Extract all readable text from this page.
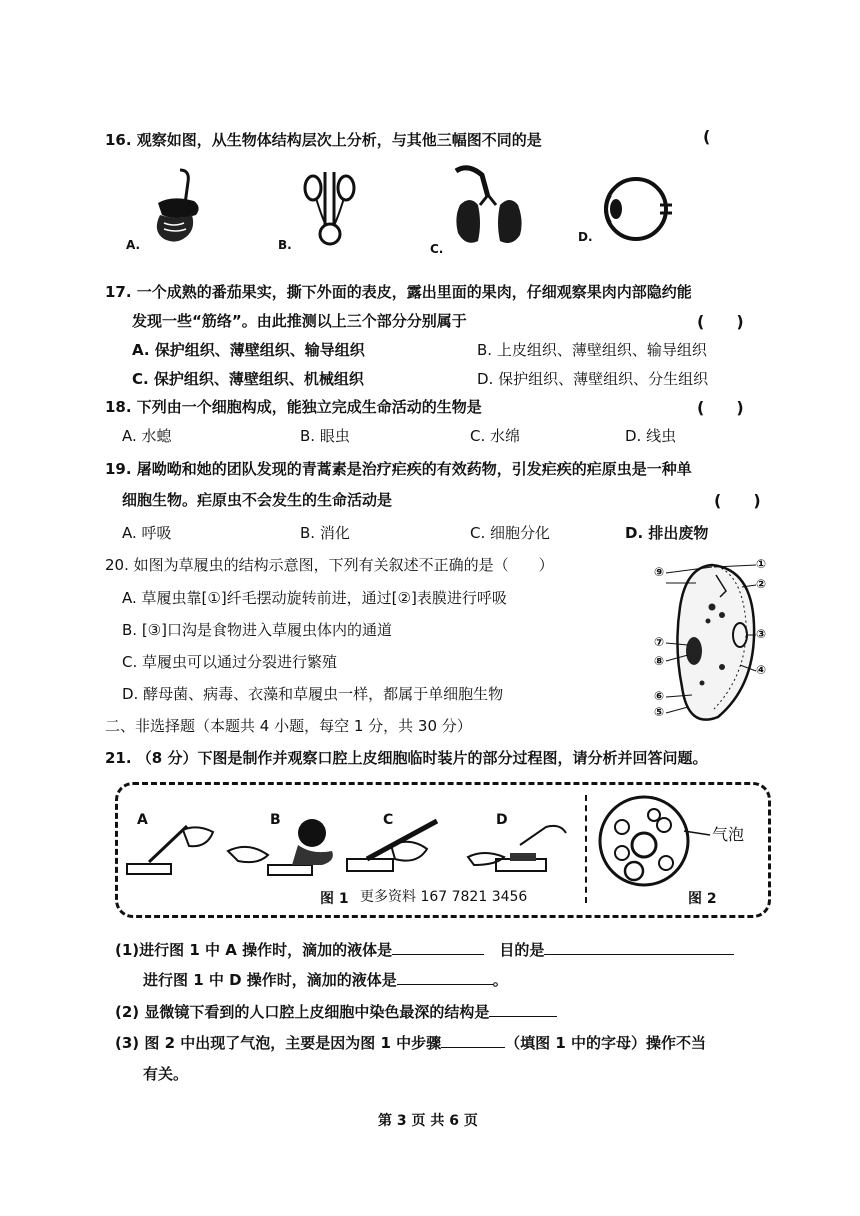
16. 观察如图，从生物体结构层次上分析，与其他三幅图不同的是	(
A.	B.	C.
D.
17. 一个成熟的番茄果实，撕下外面的表皮，露出里面的果肉，仔细观察果肉内部隐约能
发现一些“筋络”。由此推测以上三个部分分别属于	(　　)
A. 保护组织、薄壁组织、输导组织	B. 上皮组织、薄壁组织、输导组织
C. 保护组织、薄壁组织、机械组织	D. 保护组织、薄壁组织、分生组织
18. 下列由一个细胞构成，能独立完成生命活动的生物是	(　　)
A. 水螅	B. 眼虫	C. 水绵	D. 线虫
19. 屠呦呦和她的团队发现的青蒿素是治疗疟疾的有效药物，引发疟疾的疟原虫是一种单
细胞生物。疟原虫不会发生的生命活动是	(　　)
A. 呼吸	B. 消化	C. 细胞分化	D. 排出废物
20. 如图为草履虫的结构示意图，下列有关叙述不正确的是（　　）
A. 草履虫靠[①]纤毛摆动旋转前进，通过[②]表膜进行呼吸
B. [③]口沟是食物进入草履虫体内的通道
C. 草履虫可以通过分裂进行繁殖
D. 酵母菌、病毒、衣藻和草履虫一样，都属于单细胞生物
①
②
③
④
⑤
⑥
⑦
⑧
⑨
二、非选择题（本题共 4 小题，每空 1 分，共 30 分）
21. （8 分）下图是制作并观察口腔上皮细胞临时装片的部分过程图，请分析并回答问题。
A	B	C	D
图 1 更多资料 167 7821 3456
气泡
图 2
(1)进行图 1 中 A 操作时，滴加的液体是	目的是
进行图 1 中 D 操作时，滴加的液体是	。
(2) 显微镜下看到的人口腔上皮细胞中染色最深的结构是
(3) 图 2 中出现了气泡，主要是因为图 1 中步骤	（填图 1 中的字母）操作不当
有关。
第 3 页 共 6 页
